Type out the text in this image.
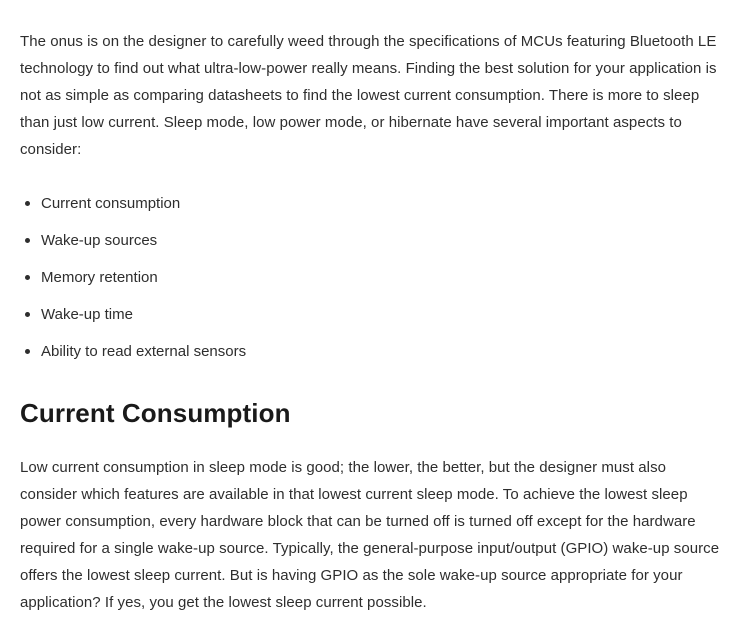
The onus is on the designer to carefully weed through the specifications of MCUs featuring Bluetooth LE technology to find out what ultra-low-power really means. Finding the best solution for your application is not as simple as comparing datasheets to find the lowest current consumption. There is more to sleep than just low current. Sleep mode, low power mode, or hibernate have several important aspects to consider:

Current consumption
Wake-up sources
Memory retention
Wake-up time
Ability to read external sensors
Current Consumption

Low current consumption in sleep mode is good; the lower, the better, but the designer must also consider which features are available in that lowest current sleep mode. To achieve the lowest sleep power consumption, every hardware block that can be turned off is turned off except for the hardware required for a single wake-up source. Typically, the general-purpose input/output (GPIO) wake-up source offers the lowest sleep current. But is having GPIO as the sole wake-up source appropriate for your application? If yes, you get the lowest sleep current possible.
